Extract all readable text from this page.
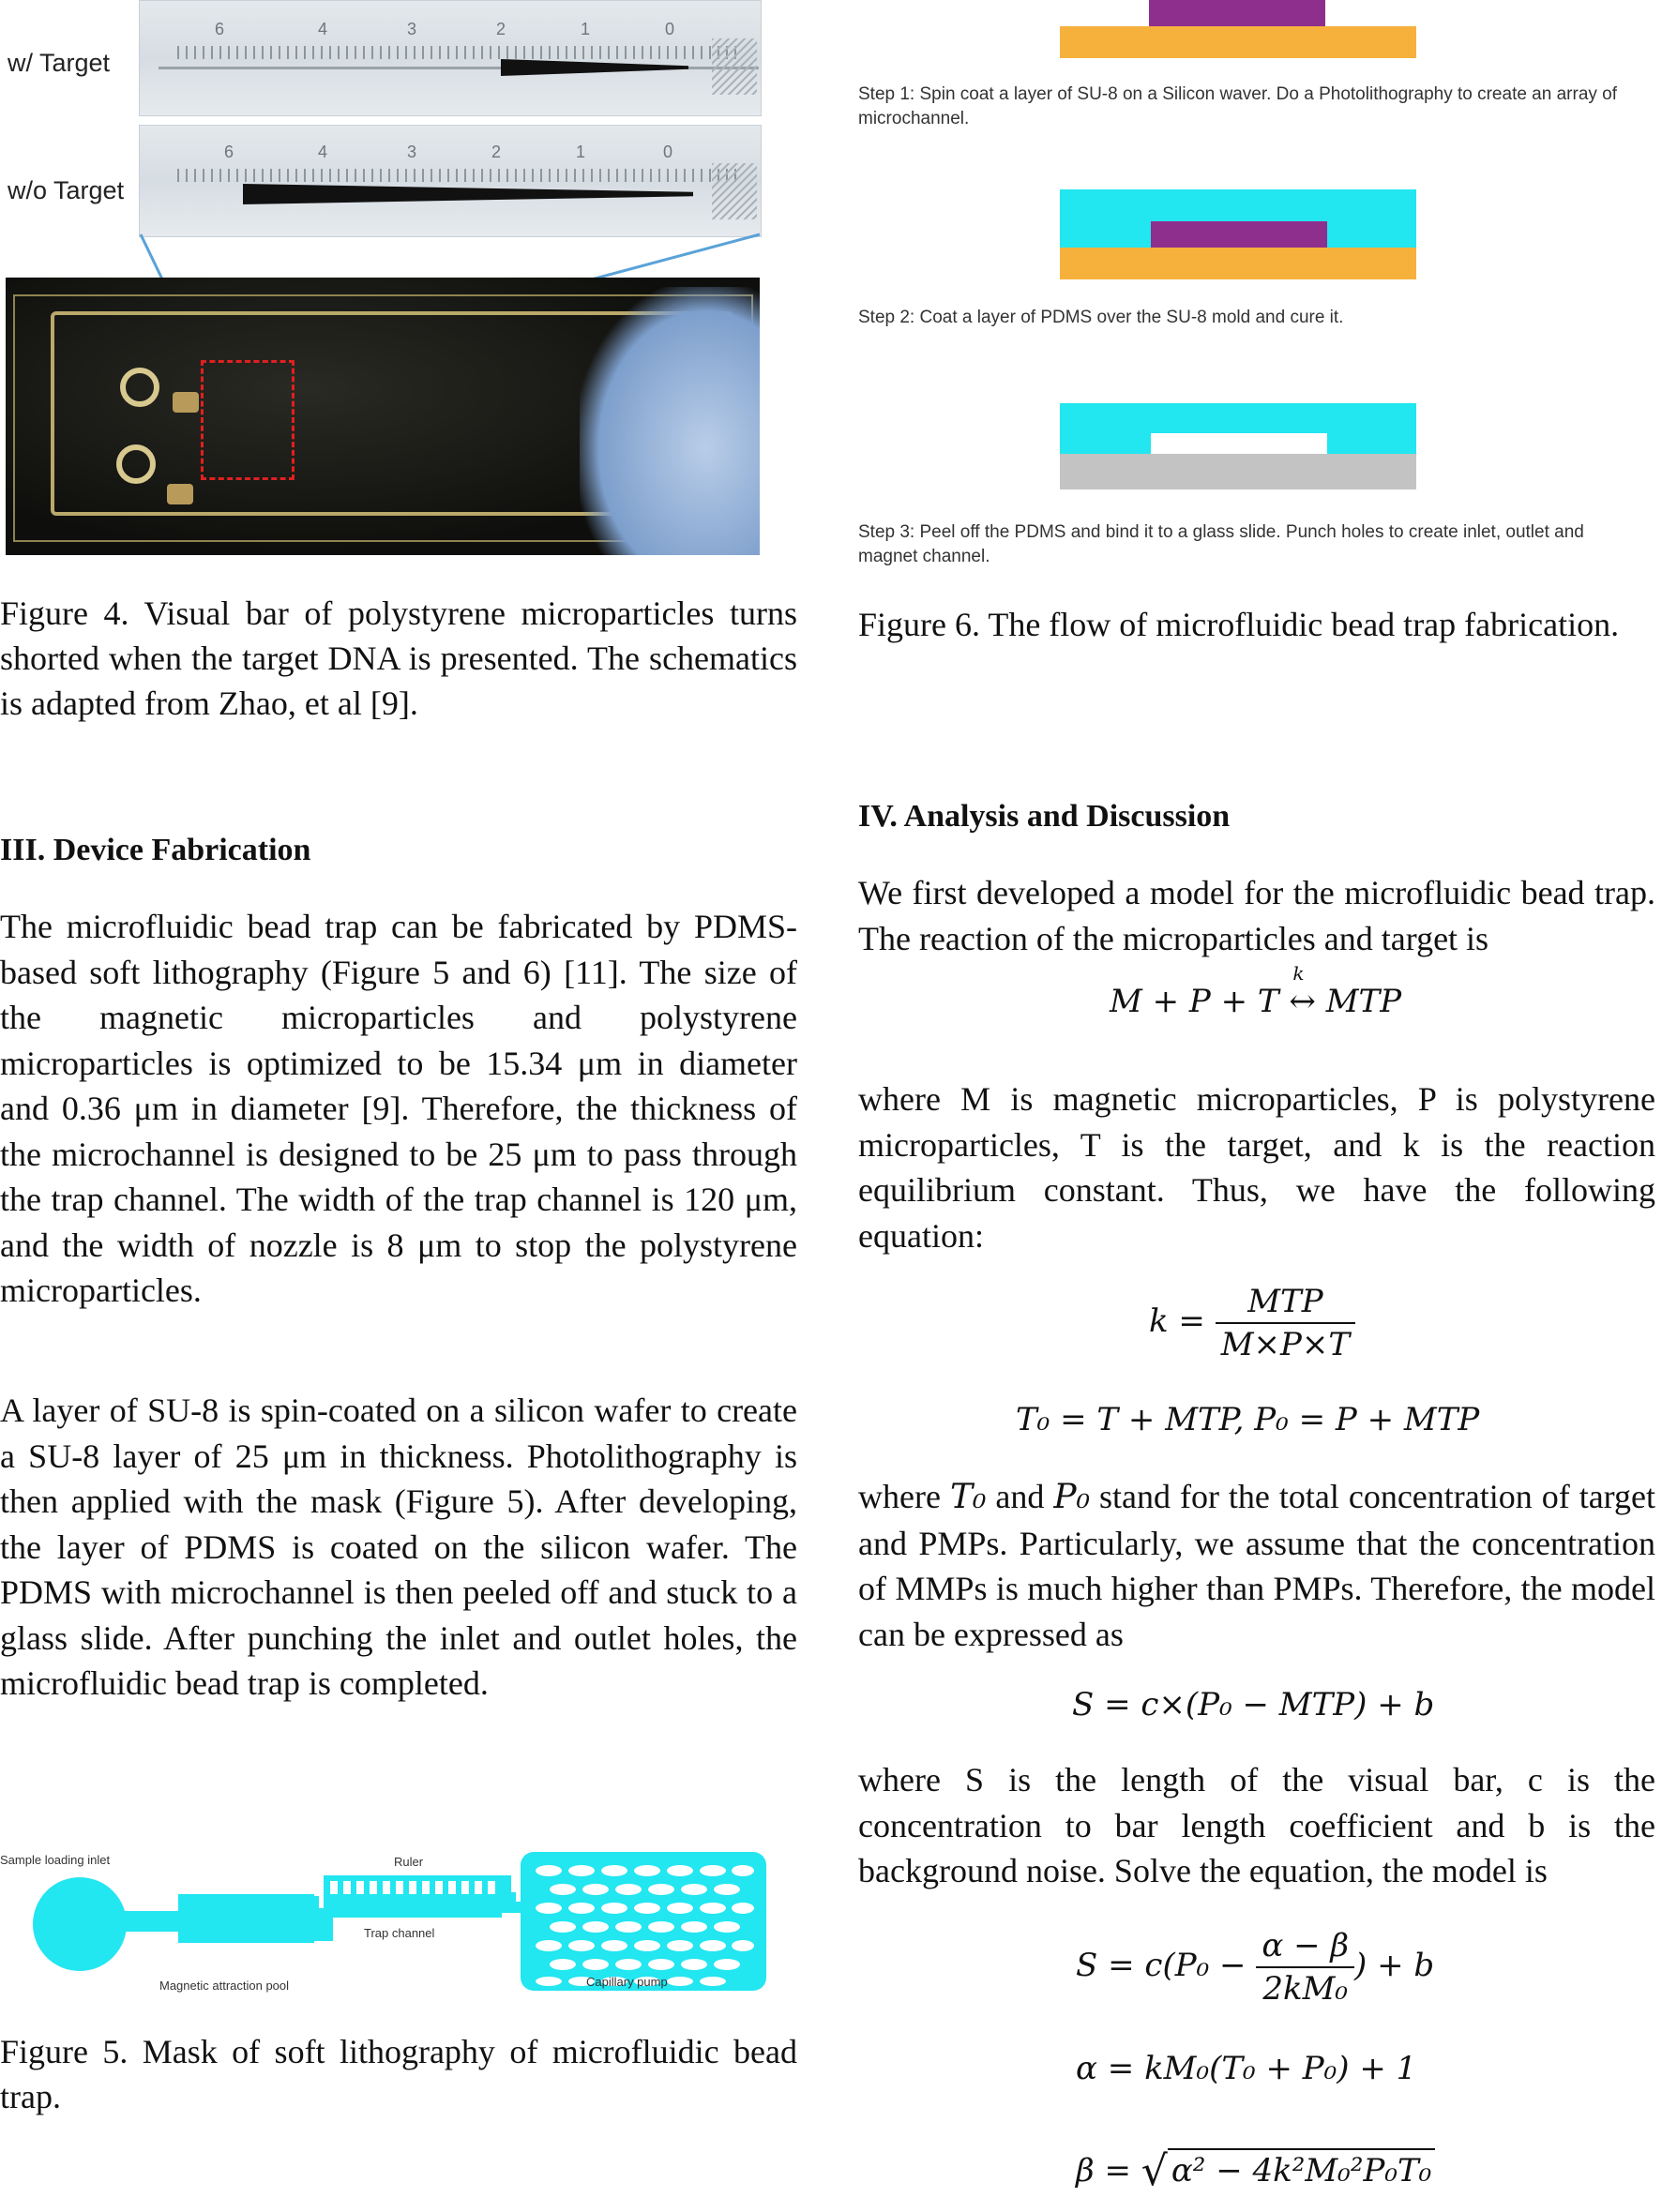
w/ Target
w/o Target
6	4	3	2	1	0
6	4	3	2	1	0

Figure 4. Visual bar of polystyrene microparticles turns shorted when the target DNA is presented. The schematics is adapted from Zhao, et al [9].

III. Device Fabrication

The microfluidic bead trap can be fabricated by PDMS-based soft lithography (Figure 5 and 6) [11]. The size of the magnetic microparticles and polystyrene microparticles is optimized to be 15.34 μm in diameter and 0.36 μm in diameter [9]. Therefore, the thickness of the microchannel is designed to be 25 μm to pass through the trap channel. The width of the trap channel is 120 μm, and the width of nozzle is 8 μm to stop the polystyrene microparticles.

A layer of SU-8 is spin-coated on a silicon wafer to create a SU-8 layer of 25 μm in thickness. Photolithography is then applied with the mask (Figure 5). After developing, the layer of PDMS is coated on the silicon wafer. The PDMS with microchannel is then peeled off and stuck to a glass slide. After punching the inlet and outlet holes, the microfluidic bead trap is completed.

Sample loading inlet	Ruler
Trap channel
Magnetic attraction pool	Capillary pump

Figure 5. Mask of soft lithography of microfluidic bead trap.

Step 1: Spin coat a layer of SU-8 on a Silicon waver. Do a Photolithography to create an array of microchannel.

Step 2: Coat a layer of PDMS over the SU-8 mold and cure it.

Step 3: Peel off the PDMS and bind it to a glass slide. Punch holes to create inlet, outlet and magnet channel.

Figure 6. The flow of microfluidic bead trap fabrication.

IV. Analysis and Discussion

We first developed a model for the microfluidic bead trap. The reaction of the microparticles and target is

M + P + T
k
↔ MTP

where M is magnetic microparticles, P is polystyrene microparticles, T is the target, and k is the reaction equilibrium constant. Thus, we have the following equation:

$k = \frac{\text{MTP}}{M\times P\times T}$
T₀ = T + MTP, P₀ = P + MTP

where T₀ and P₀ stand for the total concentration of target and PMPs. Particularly, we assume that the concentration of MMPs is much higher than PMPs. Therefore, the model can be expressed as

S = c×(P₀ − MTP) + b

where S is the length of the visual bar, c is the concentration to bar length coefficient and b is the background noise. Solve the equation, the model is

$S = c(P_0 - \frac{\alpha - \beta}{\text{2kM₀}}$ ) + b
α = kM₀(T₀ + P₀) + 1
β = √ α² − 4k²M₀²P₀T₀
